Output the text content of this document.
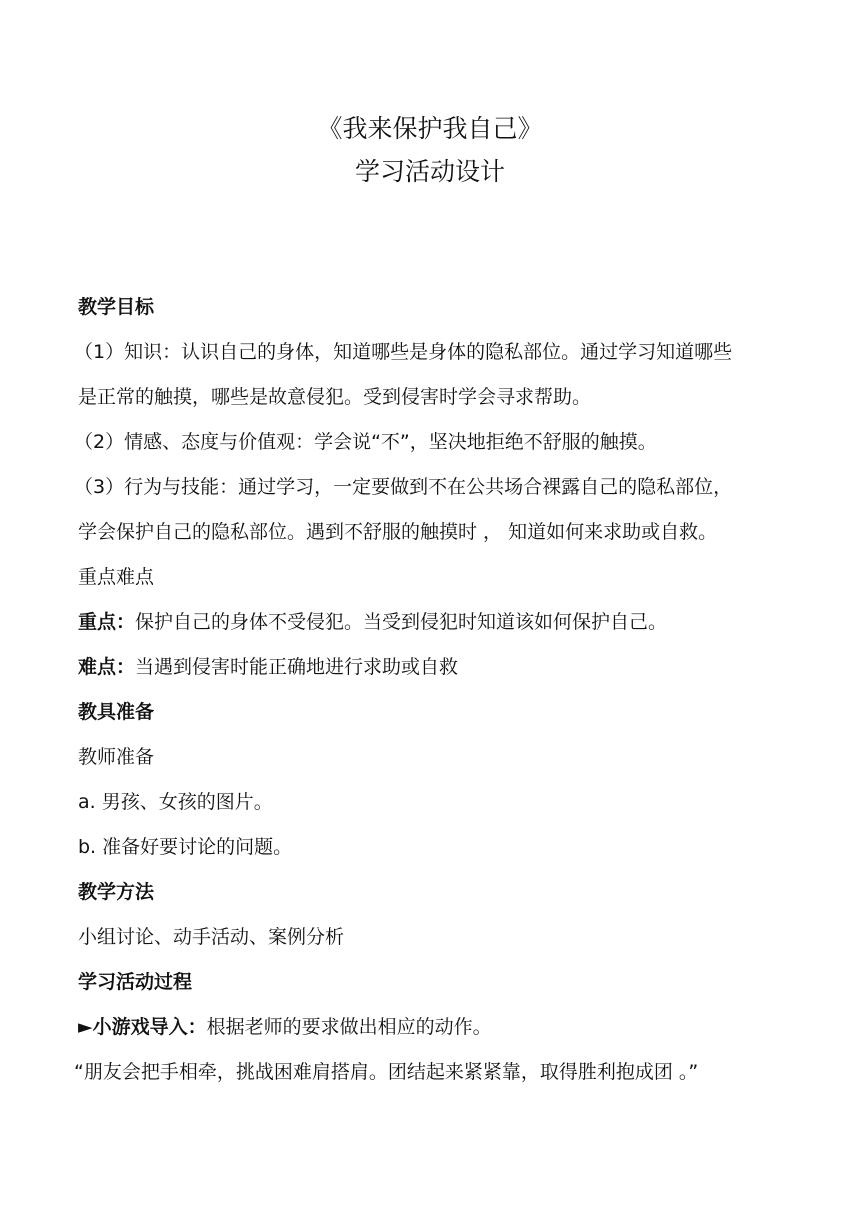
《我来保护我自己》
学习活动设计
教学目标
（1）知识：认识自己的身体，知道哪些是身体的隐私部位。通过学习知道哪些
是正常的触摸，哪些是故意侵犯。受到侵害时学会寻求帮助。
（2）情感、态度与价值观：学会说“不”，坚决地拒绝不舒服的触摸。
（3）行为与技能：通过学习，一定要做到不在公共场合裸露自己的隐私部位，
学会保护自己的隐私部位。遇到不舒服的触摸时 ， 知道如何来求助或自救。
重点难点
重点：保护自己的身体不受侵犯。当受到侵犯时知道该如何保护自己。
难点：当遇到侵害时能正确地进行求助或自救
教具准备
教师准备
a. 男孩、女孩的图片。
b. 准备好要讨论的问题。
教学方法
小组讨论、动手活动、案例分析
学习活动过程
►小游戏导入：根据老师的要求做出相应的动作。
“朋友会把手相牵，挑战困难肩搭肩。团结起来紧紧靠，取得胜利抱成团 。”
